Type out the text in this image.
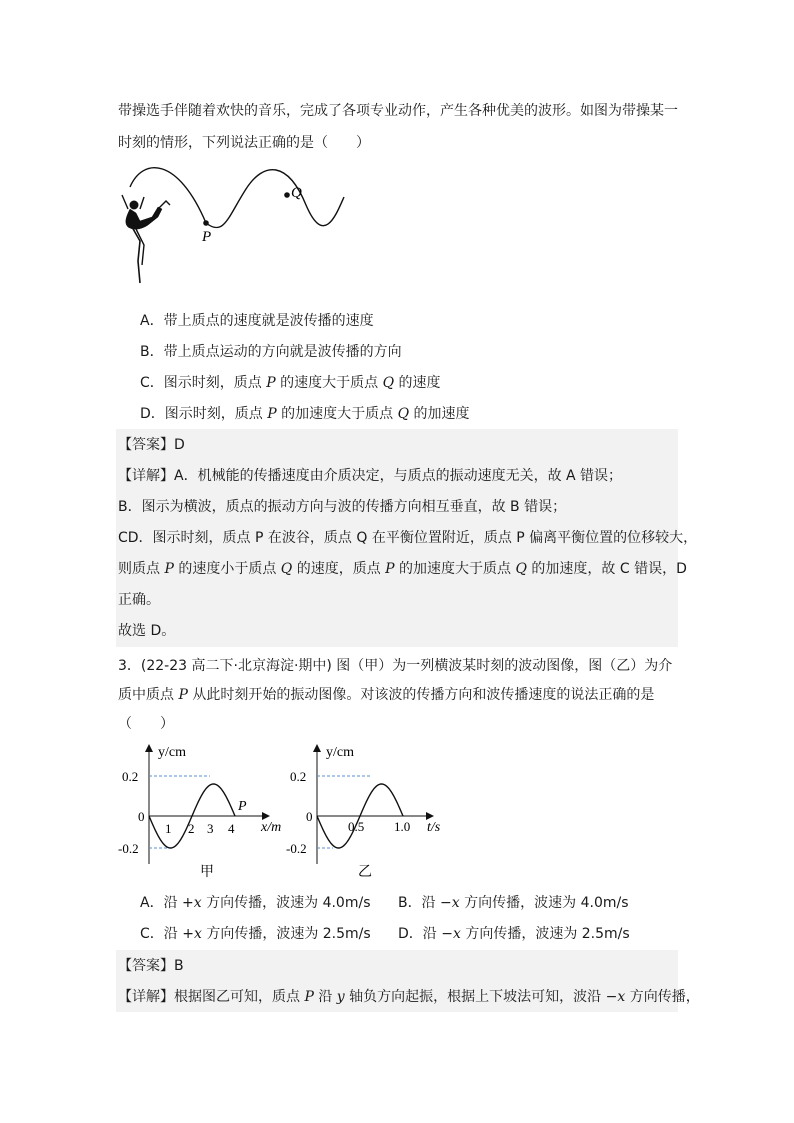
带操选手伴随着欢快的音乐，完成了各项专业动作，产生各种优美的波形。如图为带操某一
时刻的情形，下列说法正确的是（　　）
P
Q
A．带上质点的速度就是波传播的速度
B．带上质点运动的方向就是波传播的方向
C．图示时刻，质点 P 的速度大于质点 Q 的速度
D．图示时刻，质点 P 的加速度大于质点 Q 的加速度
【答案】D
【详解】A．机械能的传播速度由介质决定，与质点的振动速度无关，故 A 错误；
B．图示为横波，质点的振动方向与波的传播方向相互垂直，故 B 错误；
CD．图示时刻，质点 P 在波谷，质点 Q 在平衡位置附近，质点 P 偏离平衡位置的位移较大，
则质点 P 的速度小于质点 Q 的速度，质点 P 的加速度大于质点 Q 的加速度，故 C 错误，D
正确。
故选 D。
3．(22-23 高二下·北京海淀·期中) 图（甲）为一列横波某时刻的波动图像，图（乙）为介
质中质点 P 从此时刻开始的振动图像。对该波的传播方向和波传播速度的说法正确的是
（　　）
y/cm
0.2
0
-0.2
1 2 3 4 x/m
P
甲
y/cm
0.2
0
-0.2
0.5 1.0 t/s
乙
A．沿 +x 方向传播，波速为 4.0m/s B．沿 −x 方向传播，波速为 4.0m/s
C．沿 +x 方向传播，波速为 2.5m/s D．沿 −x 方向传播，波速为 2.5m/s
【答案】B
【详解】根据图乙可知，质点 P 沿 y 轴负方向起振，根据上下坡法可知，波沿 −x 方向传播，
